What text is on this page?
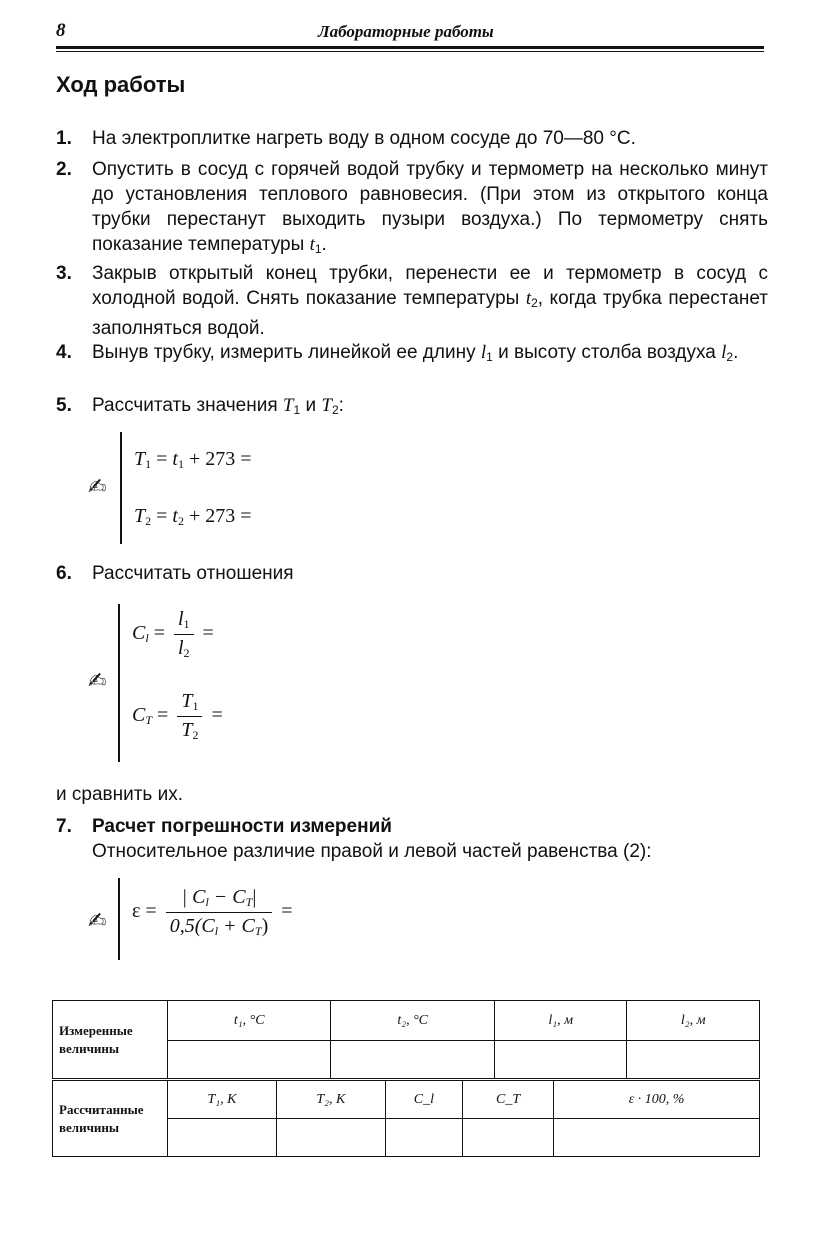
8	Лабораторные работы
Ход работы
1.	На электроплитке нагреть воду в одном сосуде до 70—80 °С.
2.	Опустить в сосуд с горячей водой трубку и термометр на несколько минут до установления теплового равновесия. (При этом из открытого конца трубки перестанут выходить пузыри воздуха.) По термометру снять показание температуры $t_1$.
3.	Закрыв открытый конец трубки, перенести ее и термометр в сосуд с холодной водой. Снять показание температуры $t_2$, когда трубка перестанет заполняться водой.
4.	Вынув трубку, измерить линейкой ее длину $l_1$ и высоту столба воздуха $l_2$.
5.	Рассчитать значения $T_1$ и $T_2$:
✍
$T_1 = t_1 + 273$ =
$T_2 = t_2 + 273$ =
6.	Рассчитать отношения
✍
$C_l = \frac{l_1}{l_2}$ =
$C_T = \frac{T_1}{T_2}$ =
и сравнить их.
7.	Расчет погрешности измерений
Относительное различие правой и левой частей равенства (2):
✍ $\varepsilon = \frac{| C_l - C_T|}{0,5(C_l + C_T)}$ =
Измеренные величины	t₁, °C	t₂, °C	l₁, м	l₂, м

Рассчитанные величины	T₁, K	T₂, K	C_l	C_T	ε · 100, %
